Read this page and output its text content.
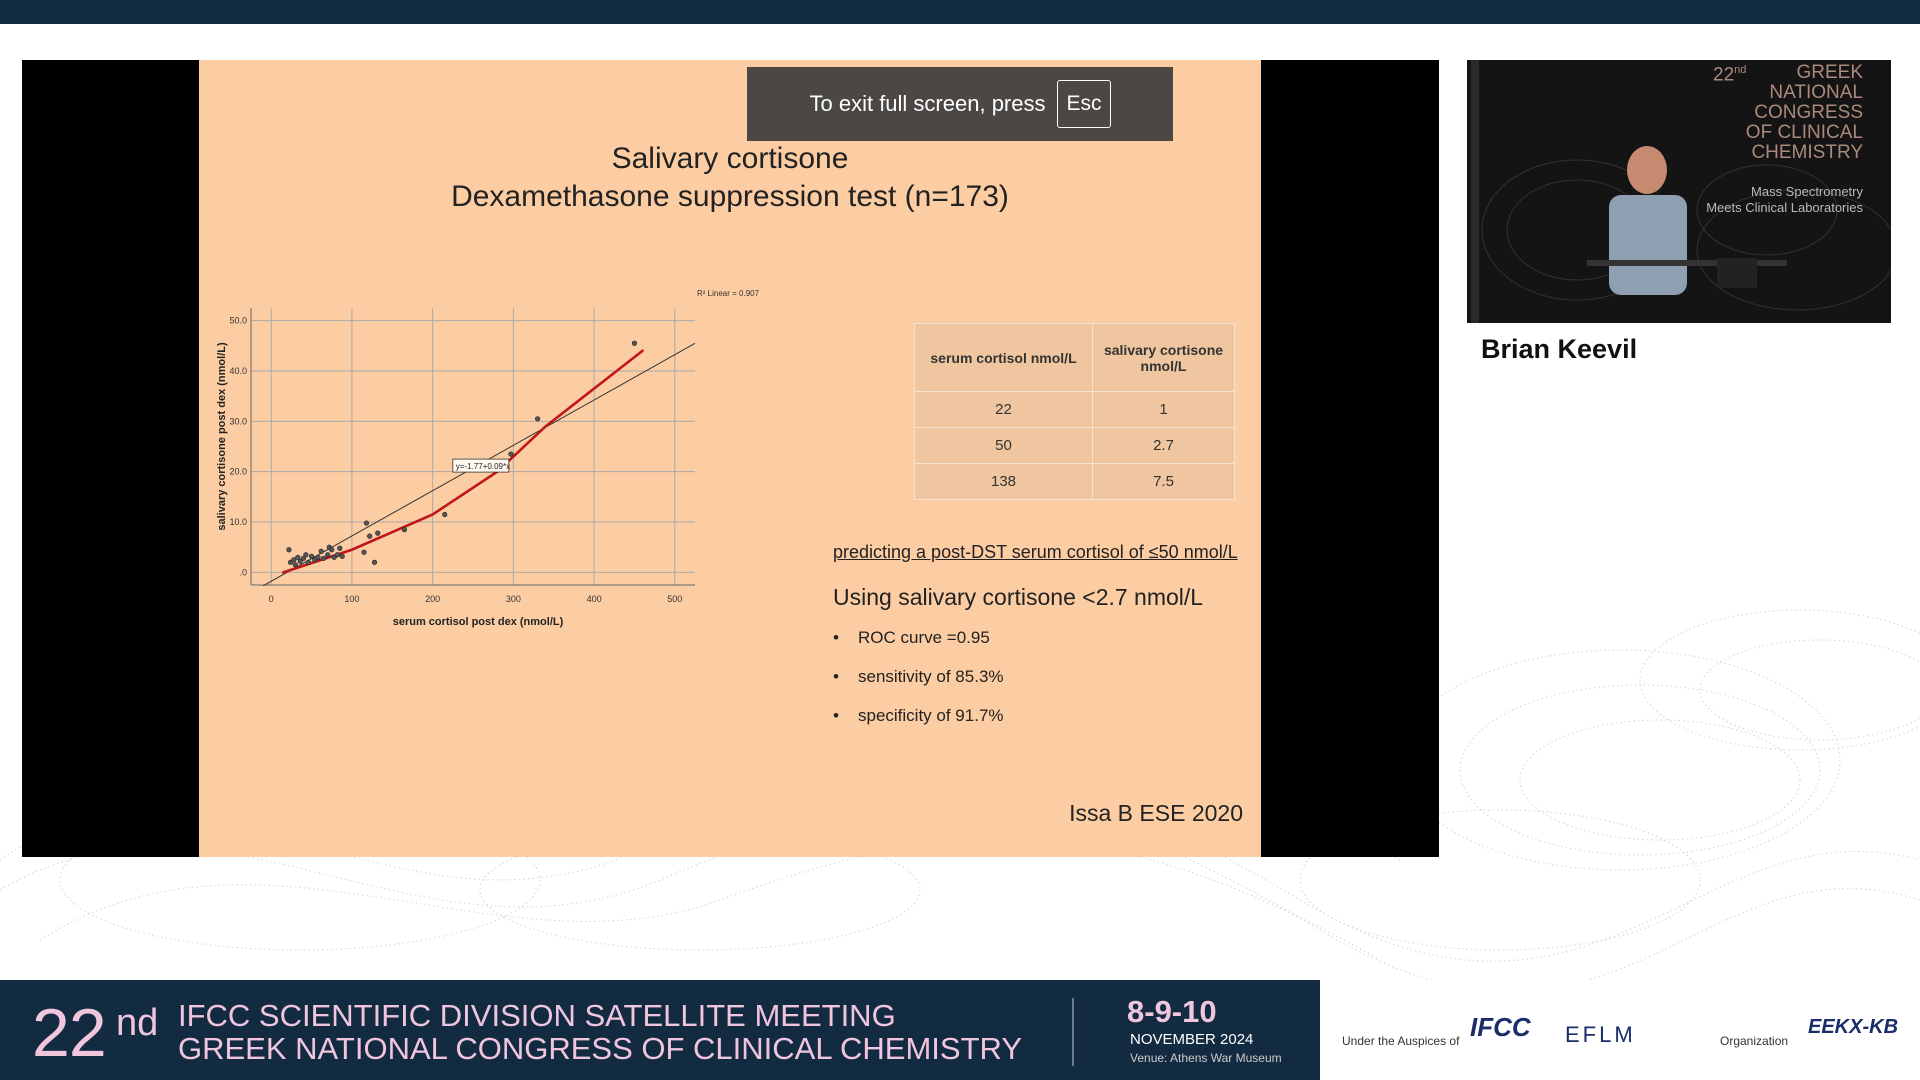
Salivary cortisone
Dexamethasone suppression test (n=173)
0	100	200	300	400	500
50.0
40.0
30.0
20.0
10.0
.0
serum cortisol post dex (nmol/L)
salivary cortisone post dex (nmol/L)
R² Linear = 0.907
y=-1.77+0.09*x
serum cortisol nmol/L	salivary cortisone nmol/L
22	1
50	2.7
138	7.5
predicting a post-DST serum cortisol of ≤50 nmol/L
Using salivary cortisone <2.7 nmol/L
•	ROC curve =0.95
•	sensitivity of 85.3%
•	specificity of 91.7%
Issa B ESE 2020
To exit full screen, press	Esc
22nd	GREEK
NATIONAL
CONGRESS
OF CLINICAL
CHEMISTRY
Mass Spectrometry
Meets Clinical Laboratories
Brian Keevil
22 nd IFCC SCIENTIFIC DIVISION SATELLITE MEETING
GREEK NATIONAL CONGRESS OF CLINICAL CHEMISTRY
8-9-10
NOVEMBER 2024
Venue: Athens War Museum
Under the Auspices of IFCC EFLM	Organization
EEKX-KB
